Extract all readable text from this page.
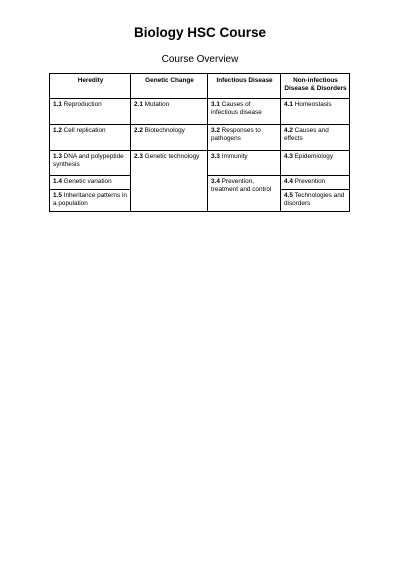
Biology HSC Course
Course Overview
Heredity	Genetic Change	Infectious Disease	Non-infectious Disease & Disorders
1.1 Reproduction	2.1 Mutation	3.1 Causes of infectious disease	4.1 Homeostasis
1.2 Cell replication	2.2 Biotechnology	3.2 Responses to pathogens	4.2 Causes and effects
1.3 DNA and polypeptide synthesis	2.3 Genetic technology	3.3 Immunity	4.3 Epidemiology
1.4 Genetic variation		3.4 Prevention, treatment and control	4.4 Prevention
1.5 Inheritance patterns in a population			4.5 Technologies and disorders
